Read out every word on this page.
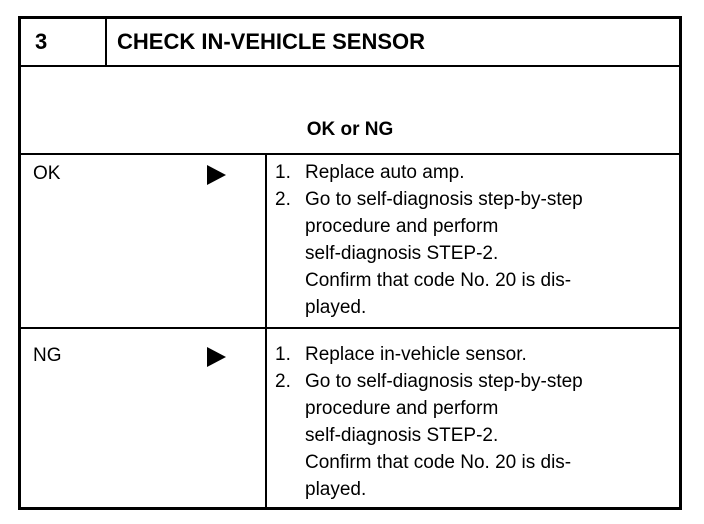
3	CHECK IN-VEHICLE SENSOR
OK or NG
OK	1. Replace auto amp.
2. Go to self-diagnosis step-by-step
procedure and perform
self-diagnosis STEP-2.
Confirm that code No. 20 is dis-
played.
NG	1. Replace in-vehicle sensor.
2. Go to self-diagnosis step-by-step
procedure and perform
self-diagnosis STEP-2.
Confirm that code No. 20 is dis-
played.
